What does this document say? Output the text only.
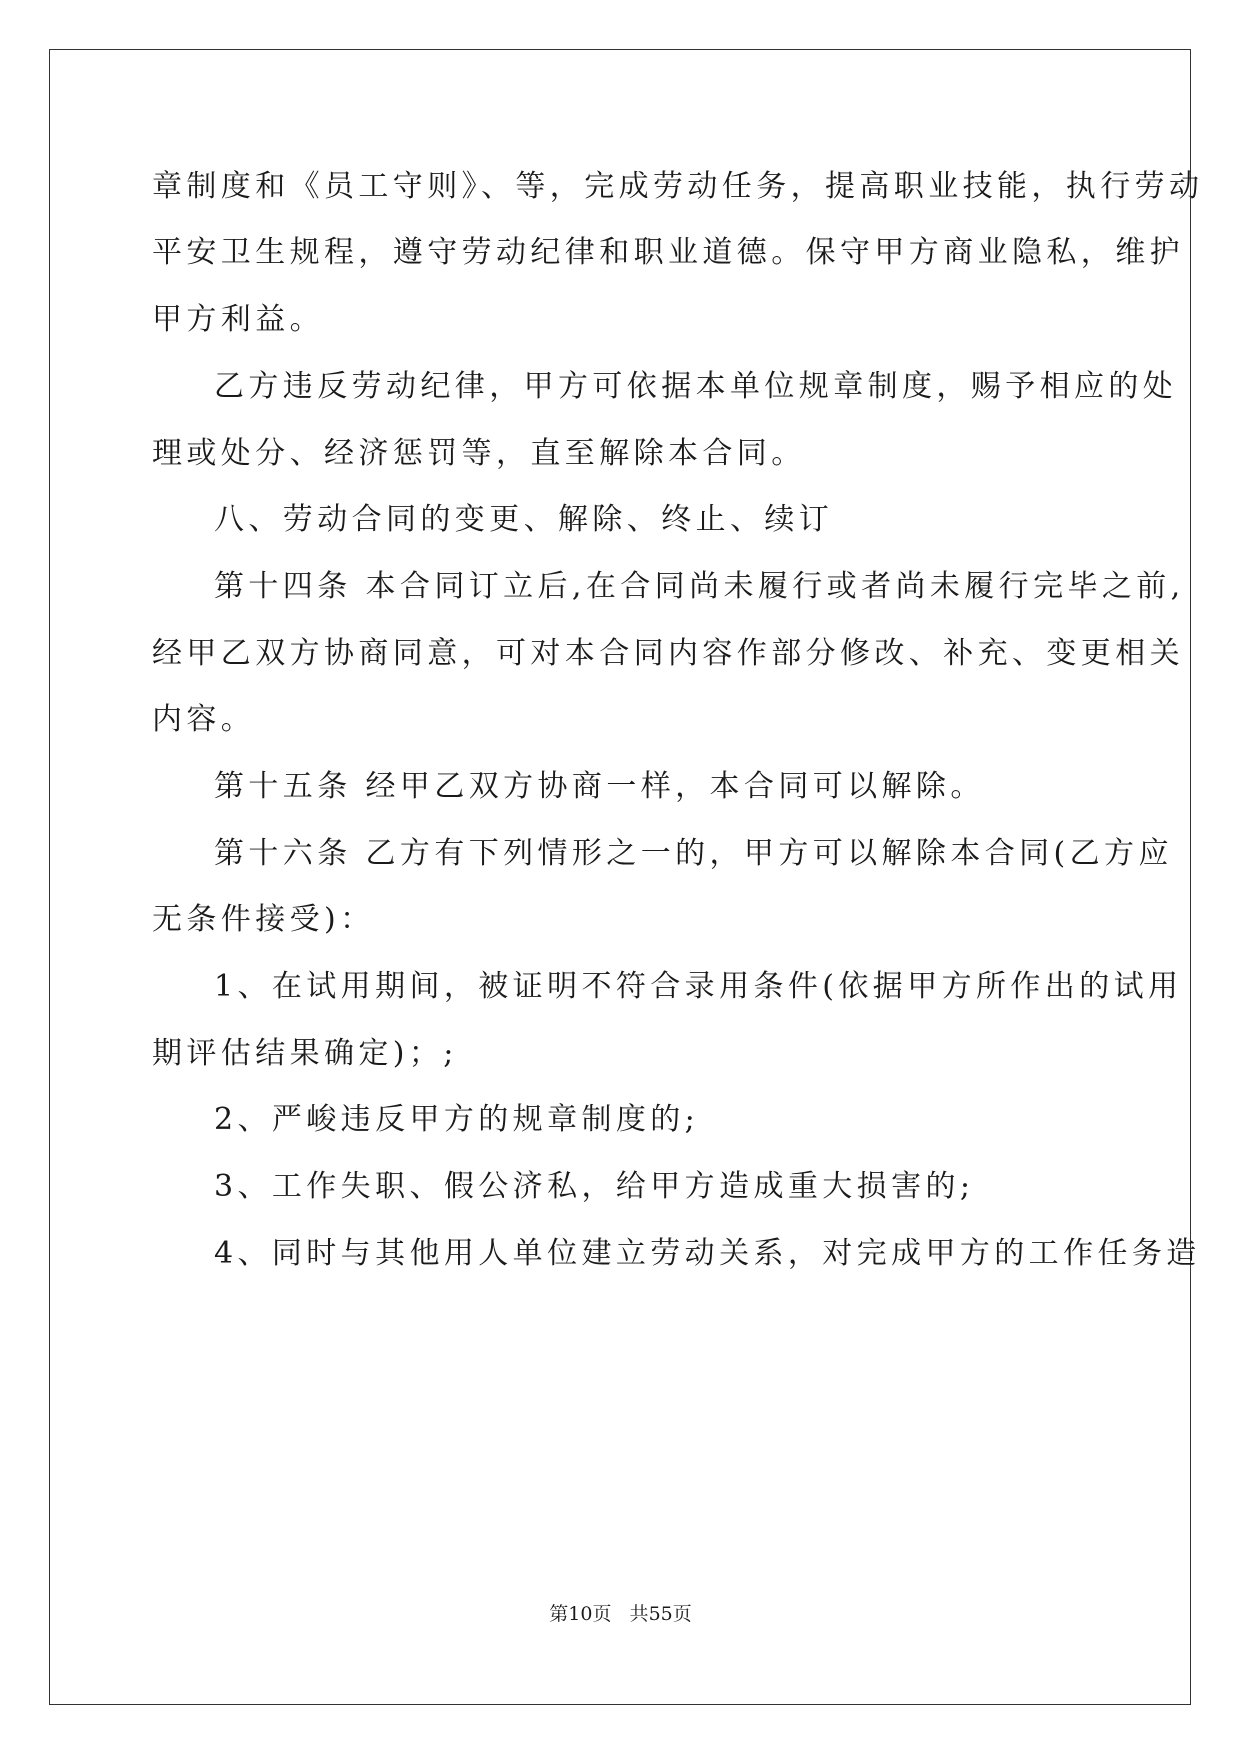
章制度和《员工守则》、等，完成劳动任务，提高职业技能，执行劳动
平安卫生规程，遵守劳动纪律和职业道德。保守甲方商业隐私，维护
甲方利益。
乙方违反劳动纪律，甲方可依据本单位规章制度，赐予相应的处
理或处分、经济惩罚等，直至解除本合同。
八、劳动合同的变更、解除、终止、续订
第十四条 本合同订立后,在合同尚未履行或者尚未履行完毕之前,
经甲乙双方协商同意，可对本合同内容作部分修改、补充、变更相关
内容。
第十五条 经甲乙双方协商一样，本合同可以解除。
第十六条 乙方有下列情形之一的，甲方可以解除本合同(乙方应
无条件接受)：
1、在试用期间，被证明不符合录用条件(依据甲方所作出的试用
期评估结果确定)；;
2、严峻违反甲方的规章制度的;
3、工作失职、假公济私，给甲方造成重大损害的;
4、同时与其他用人单位建立劳动关系，对完成甲方的工作任务造
第10页   共55页
